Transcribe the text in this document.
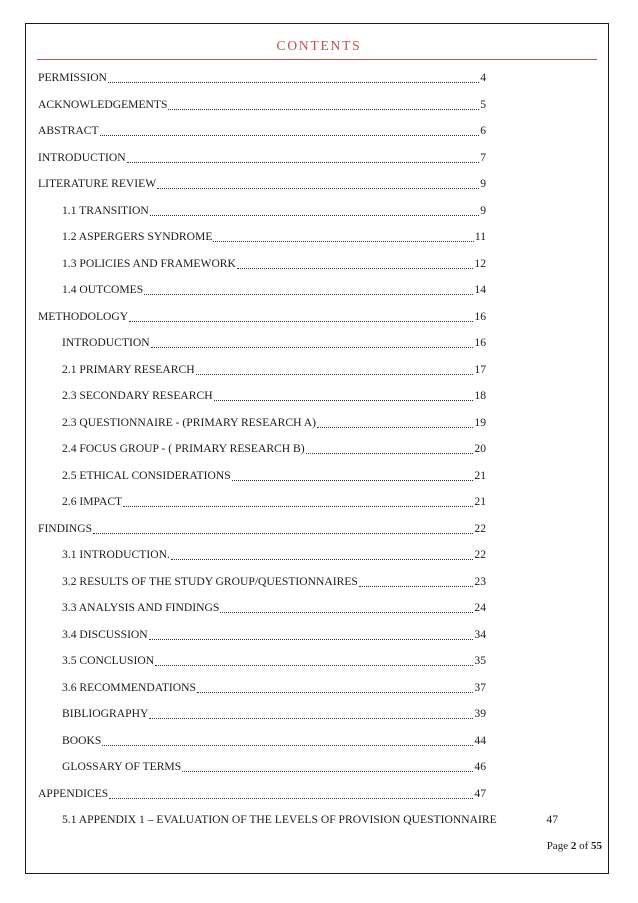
CONTENTS
PERMISSION	4
ACKNOWLEDGEMENTS	5
ABSTRACT	6
INTRODUCTION	7
LITERATURE REVIEW	9
1.1 TRANSITION	9
1.2 ASPERGERS SYNDROME	11
1.3 POLICIES AND FRAMEWORK	12
1.4 OUTCOMES	14
METHODOLOGY	16
INTRODUCTION	16
2.1 PRIMARY RESEARCH	17
2.3 SECONDARY RESEARCH	18
2.3 QUESTIONNAIRE - (PRIMARY RESEARCH A)	19
2.4 FOCUS GROUP - ( PRIMARY RESEARCH B)	20
2.5 ETHICAL CONSIDERATIONS	21
2.6 IMPACT	21
FINDINGS	22
3.1 INTRODUCTION.	22
3.2 RESULTS OF THE STUDY GROUP/QUESTIONNAIRES	23
3.3 ANALYSIS AND FINDINGS	24
3.4 DISCUSSION	34
3.5 CONCLUSION	35
3.6 RECOMMENDATIONS	37
BIBLIOGRAPHY	39
BOOKS	44
GLOSSARY OF TERMS	46
APPENDICES	47
5.1 APPENDIX 1 – EVALUATION OF THE LEVELS OF PROVISION QUESTIONNAIRE	47
Page 2 of 55
